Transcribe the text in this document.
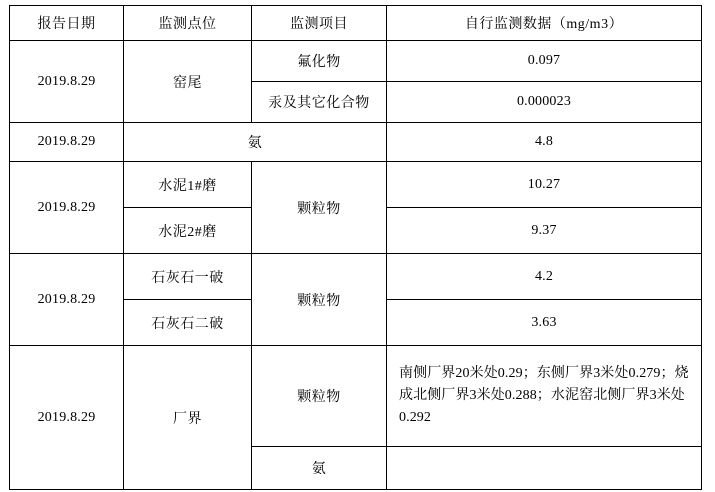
报告日期	监测点位	监测项目	自行监测数据（mg/m3）
2019.8.29	窑尾	氟化物	0.097
		汞及其它化合物	0.000023
2019.8.29	氨		4.8
2019.8.29	水泥1#磨	颗粒物	10.27
	水泥2#磨		9.37
2019.8.29	石灰石一破	颗粒物	4.2
	石灰石二破		3.63
2019.8.29	厂界	颗粒物	南侧厂界20米处0.29；东侧厂界3米处0.279；烧成北侧厂界3米处0.288；水泥窑北侧厂界3米处0.292

		氨	
